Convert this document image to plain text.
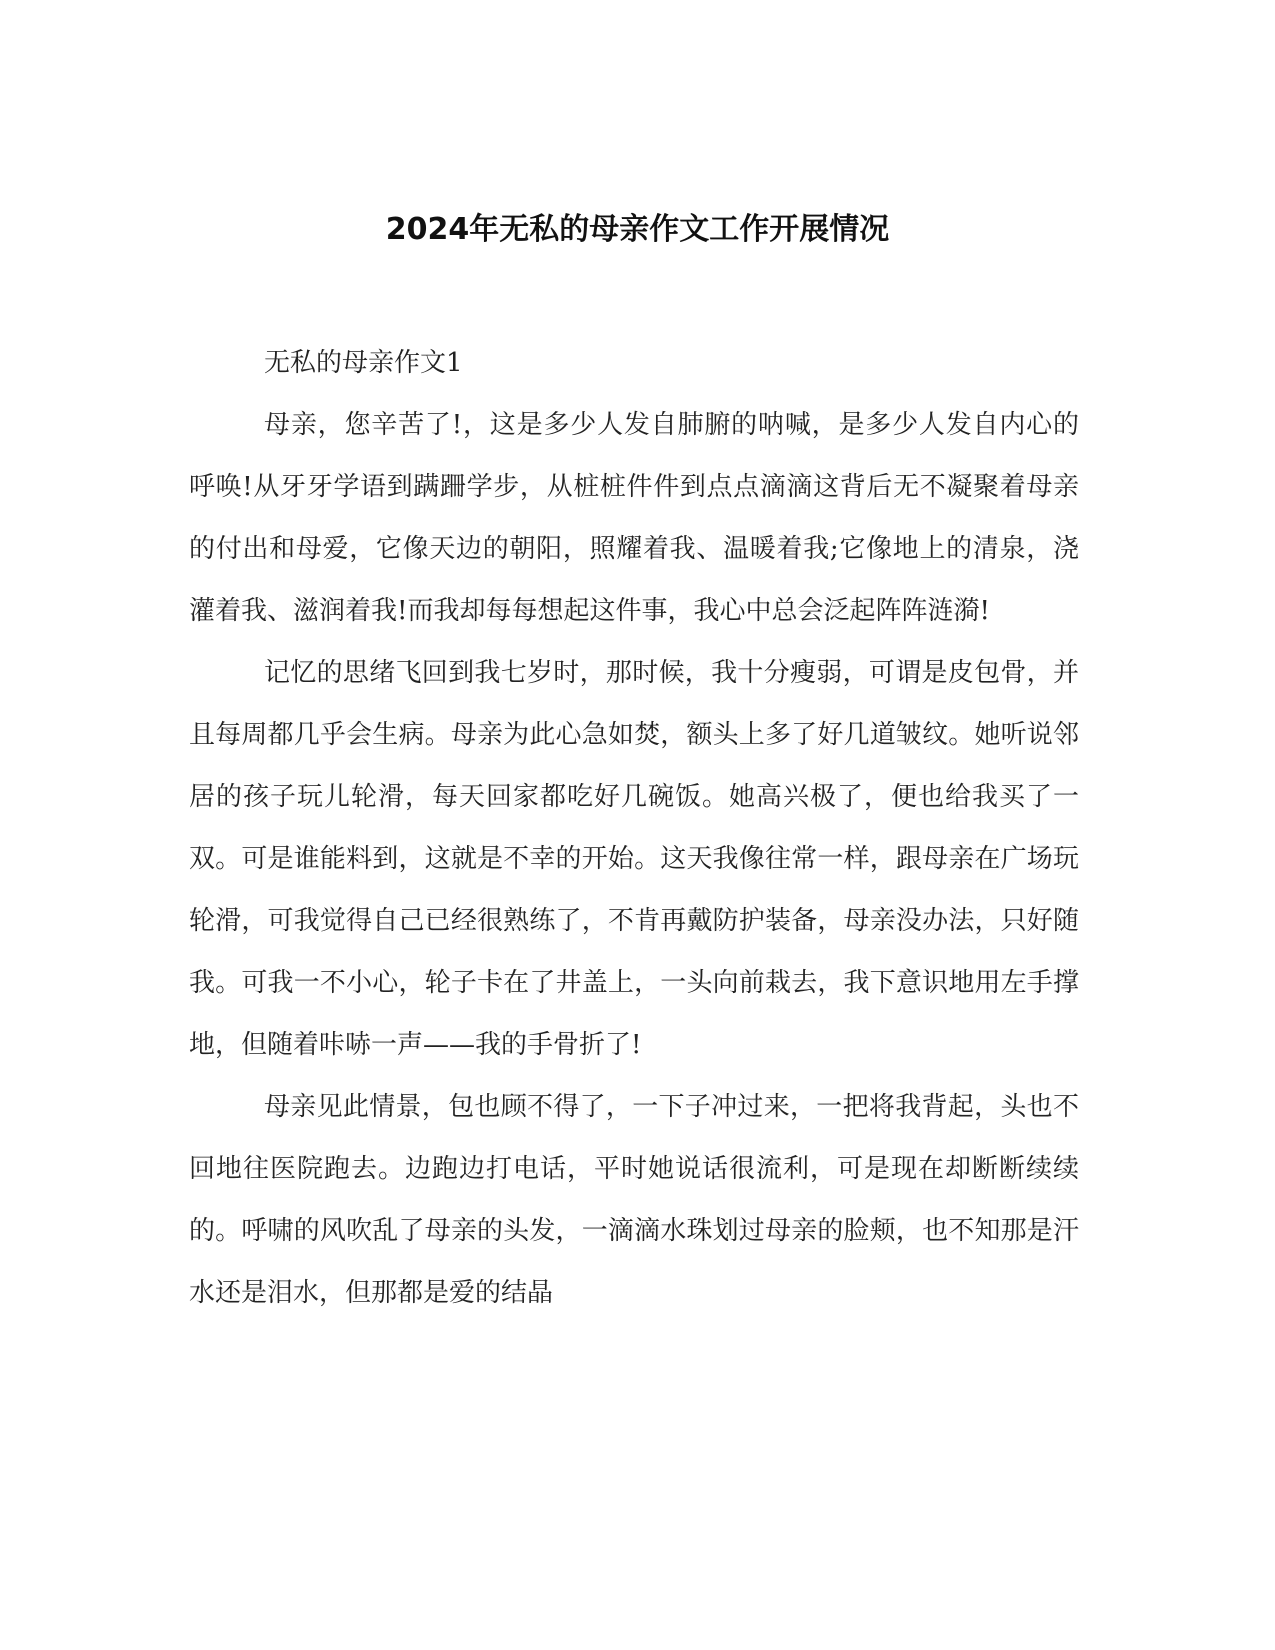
2024年无私的母亲作文工作开展情况

无私的母亲作文1

母亲，您辛苦了!，这是多少人发自肺腑的呐喊，是多少人发自内心的呼唤!从牙牙学语到蹒跚学步，从桩桩件件到点点滴滴这背后无不凝聚着母亲的付出和母爱，它像天边的朝阳，照耀着我、温暖着我;它像地上的清泉，浇灌着我、滋润着我!而我却每每想起这件事，我心中总会泛起阵阵涟漪!

记忆的思绪飞回到我七岁时，那时候，我十分瘦弱，可谓是皮包骨，并且每周都几乎会生病。母亲为此心急如焚，额头上多了好几道皱纹。她听说邻居的孩子玩儿轮滑，每天回家都吃好几碗饭。她高兴极了，便也给我买了一双。可是谁能料到，这就是不幸的开始。这天我像往常一样，跟母亲在广场玩轮滑，可我觉得自己已经很熟练了，不肯再戴防护装备，母亲没办法，只好随我。可我一不小心，轮子卡在了井盖上，一头向前栽去，我下意识地用左手撑地，但随着咔哧一声——我的手骨折了!

母亲见此情景，包也顾不得了，一下子冲过来，一把将我背起，头也不回地往医院跑去。边跑边打电话，平时她说话很流利，可是现在却断断续续的。呼啸的风吹乱了母亲的头发，一滴滴水珠划过母亲的脸颊，也不知那是汗水还是泪水，但那都是爱的结晶
